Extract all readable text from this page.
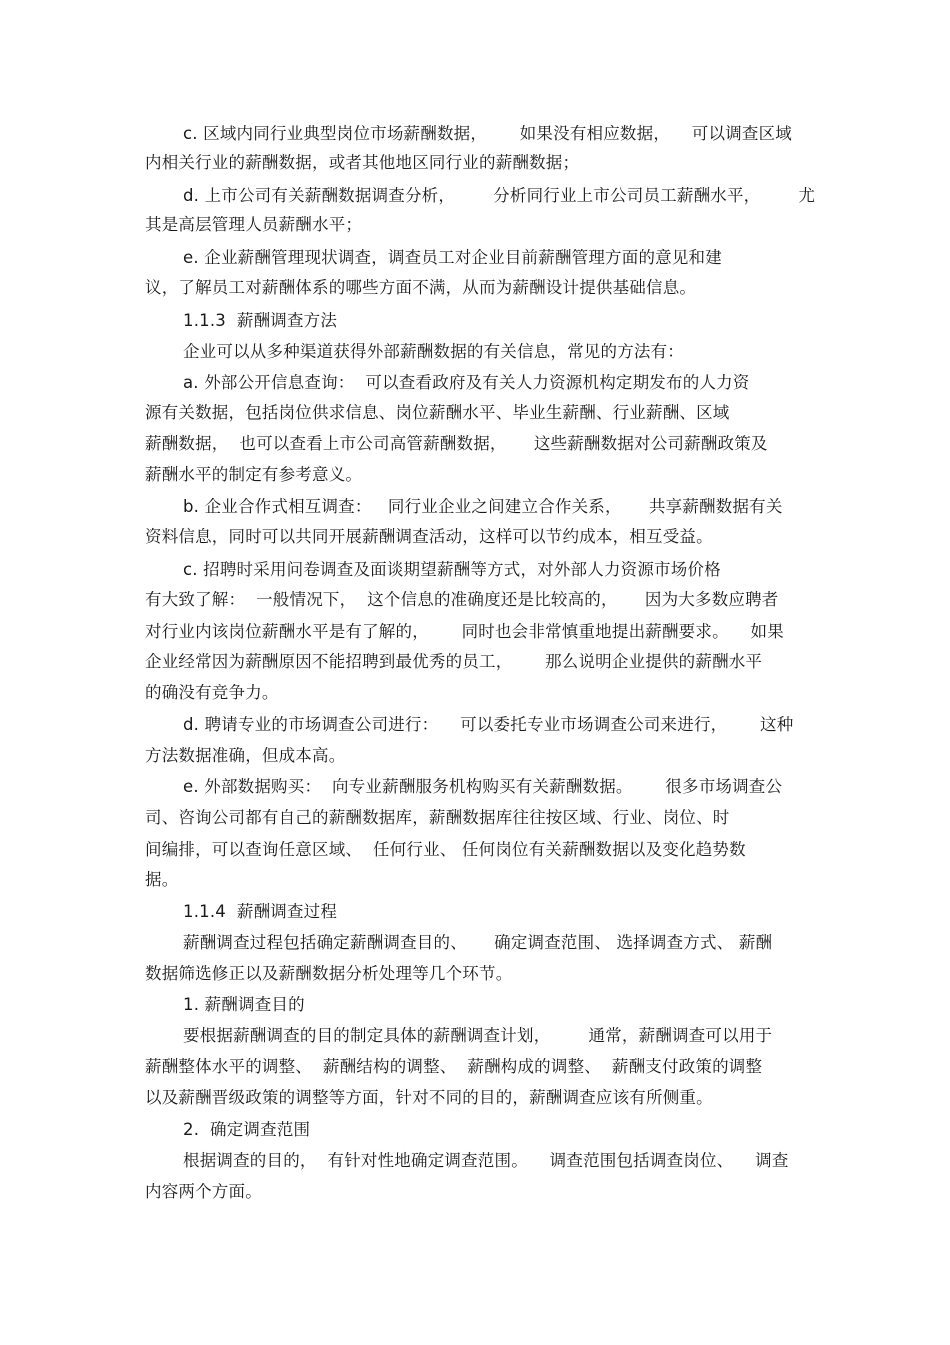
c. 区域内同行业典型岗位市场薪酬数据，      如果没有相应数据，    可以调查区域
内相关行业的薪酬数据，或者其他地区同行业的薪酬数据；
d. 上市公司有关薪酬数据调查分析，       分析同行业上市公司员工薪酬水平，       尤
其是高层管理人员薪酬水平；
e. 企业薪酬管理现状调查，调查员工对企业目前薪酬管理方面的意见和建
议，了解员工对薪酬体系的哪些方面不满，从而为薪酬设计提供基础信息。
1.1.3  薪酬调查方法
企业可以从多种渠道获得外部薪酬数据的有关信息，常见的方法有：
a. 外部公开信息查询：  可以查看政府及有关人力资源机构定期发布的人力资
源有关数据，包括岗位供求信息、岗位薪酬水平、毕业生薪酬、行业薪酬、区域
薪酬数据，  也可以查看上市公司高管薪酬数据，     这些薪酬数据对公司薪酬政策及
薪酬水平的制定有参考意义。
b. 企业合作式相互调查：   同行业企业之间建立合作关系，     共享薪酬数据有关
资料信息，同时可以共同开展薪酬调查活动，这样可以节约成本，相互受益。
c. 招聘时采用问卷调查及面谈期望薪酬等方式，对外部人力资源市场价格
有大致了解：  一般情况下，  这个信息的准确度还是比较高的，     因为大多数应聘者
对行业内该岗位薪酬水平是有了解的，      同时也会非常慎重地提出薪酬要求。    如果
企业经常因为薪酬原因不能招聘到最优秀的员工，      那么说明企业提供的薪酬水平
的确没有竞争力。
d. 聘请专业的市场调查公司进行：    可以委托专业市场调查公司来进行，      这种
方法数据准确，但成本高。
e. 外部数据购买：  向专业薪酬服务机构购买有关薪酬数据。      很多市场调查公
司、咨询公司都有自己的薪酬数据库，薪酬数据库往往按区域、行业、岗位、时
间编排，可以查询任意区域、  任何行业、 任何岗位有关薪酬数据以及变化趋势数
据。
1.1.4  薪酬调查过程
薪酬调查过程包括确定薪酬调查目的、     确定调查范围、 选择调查方式、 薪酬
数据筛选修正以及薪酬数据分析处理等几个环节。
1. 薪酬调查目的
要根据薪酬调查的目的制定具体的薪酬调查计划，       通常，薪酬调查可以用于
薪酬整体水平的调整、  薪酬结构的调整、  薪酬构成的调整、  薪酬支付政策的调整
以及薪酬晋级政策的调整等方面，针对不同的目的，薪酬调查应该有所侧重。
2.  确定调查范围
根据调查的目的，  有针对性地确定调查范围。    调查范围包括调查岗位、    调查
内容两个方面。
